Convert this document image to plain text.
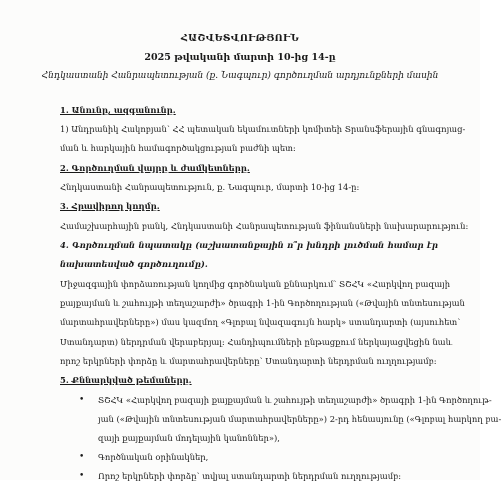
ՀԱՇՎԵՏՎՈՒԹՅՈՒՆ
2025 թվականի մարտի 10-ից 14-ը
Հնդկաստանի Հանրապետության (ք. Նագպուր) գործուղման արդյունքների մասին
1. Անունը, ազգանունը.
1) Անդրանիկ Հակոբյան՝ ՀՀ պետական եկամուտների կոմիտեի Տրանսֆերային գնագոյաց-
ման և հարկային համագործակցության բաժնի պետ:
2. Գործուղման վայրը և ժամկետները.
Հնդկաստանի Հանրապետություն, ք. Նագպուր, մարտի 10-ից 14-ը:
3. Հրավիրող կողմը.
Համաշխարհային բանկ, Հնդկաստանի Հանրապետության ֆինանսների նախարարություն:
4. Գործուղման նպատակը (աշխատանքային ո՞ր խնդրի լուծման համար էր
նախատեսված գործուղումը).
Միջազգային փորձառության կողմից գործնական քննարկում՝ ՏՇՀԿ «Հարկվող բազայի
քայքայման և շահույթի տեղաշարժի» ծրագրի 1-ին Գործողության («Թվային տնտեսության
մարտահրավերները») մաս կազմող «Գլոբալ նվազագույն հարկ» ստանդարտի (այսուհետ՝
Ստանդարտ) ներդրման վերաբերյալ: Հանդիպումների ընթացքում ներկայացվեցին նաև
որոշ երկրների փորձը և մարտահրավերները՝ Ստանդարտի ներդրման ուղղությամբ:
5. Քննարկված թեմաները.
• ՏՇՀԿ «Հարկվող բազայի քայքայման և շահույթի տեղաշարժի» ծրագրի 1-ին Գործողութ-
յան («Թվային տնտեսության մարտահրավերները») 2-րդ հենասյունը («Գլոբալ հարկող բա-
զայի քայքայման մոդելային կանոններ»),
• Գործնական օրինակներ,
• Որոշ երկրների փորձը՝ տվյալ ստանդարտի ներդրման ուղղությամբ:
